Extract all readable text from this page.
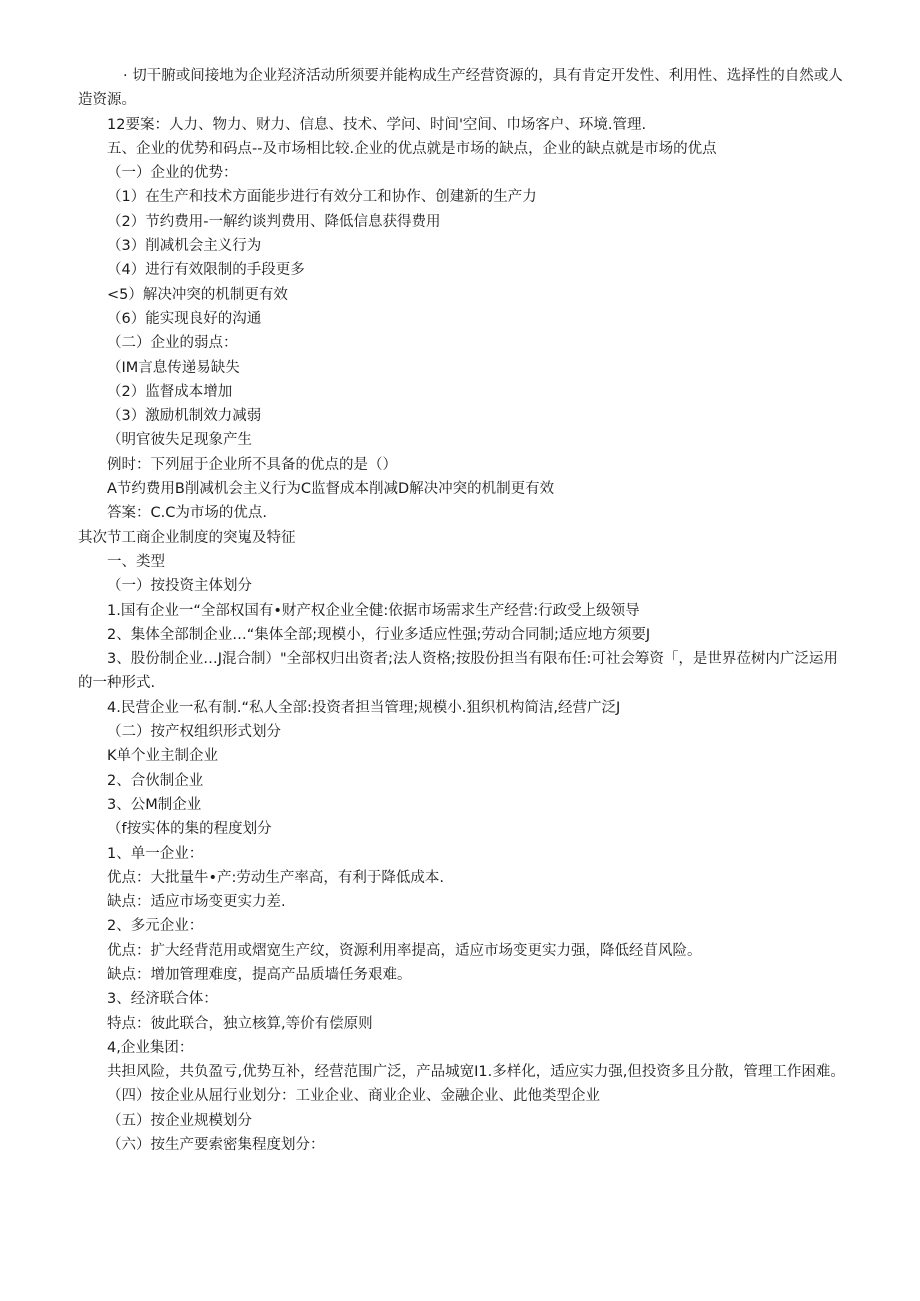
· 切干腑或间接地为企业羟济活动所须要并能构成生产经营资源的，具有肯定开发性、利用性、选择性的自然或人造资源。
12要案：人力、物力、财力、信息、技术、学问、时间'空间、巾场客户、环境.管理.
五、企业的优势和码点--及市场相比较.企业的优点就是市场的缺点，企业的缺点就是市场的优点
（一）企业的优势：
（1）在生产和技术方面能步进行有效分工和协作、创建新的生产力
（2）节约费用-一解约谈判费用、降低信息获得费用
（3）削减机会主义行为
（4）进行有效限制的手段更多
<5）解决冲突的机制更有效
（6）能实现良好的沟通
（二）企业的弱点：
（IM言息传递易缺失
（2）监督成本增加
（3）激励机制效力减弱
（明官彼失足现象产生
例时：下列屈于企业所不具备的优点的是（）
A节约费用B削减机会主义行为C监督成本削减D解决冲突的机制更有效
答案：C.C为市场的优点.
其次节工商企业制度的突嵬及特征
一、类型
（一）按投资主体划分
1.国有企业一“全部权国有•财产权企业全健:依据市场需求生产经营:行政受上级领导
2、集体全部制企业…“集体全部;现模小，行业多适应性强;劳动合同制;适应地方须要J
3、股份制企业…J混合制）"全部权归出资者;法人资格;按股份担当有限布任:可社会筹资「，是世界莅树内广泛运用的一种形式.
4.民营企业一私有制.“私人全部:投资者担当管理;规模小.狙织机构简洁,经营广泛J
（二）按产权组织形式划分
K单个业主制企业
2、合伙制企业
3、公M制企业
（f按实体的集的程度划分
1、单一企业：
优点：大批量牛•产:劳动生产率高，有利于降低成本.
缺点：适应市场变更实力差.
2、多元企业：
优点：扩大经背范用或熠宽生产纹，资源利用率提高，适应市场变更实力强，降低经苜风险。
缺点：增加管理难度，提高产品质墙任务艰难。
3、经济联合体：
特点：彼此联合，独立核算,等价有偿原则
4,企业集团：
共担风险，共负盈亏,优势互补，经营范围广泛，产品城宽I1.多样化，适应实力强,但投资多且分散，管理工作困难。
（四）按企业从屈行业划分：工业企业、商业企业、金融企业、此他类型企业
（五）按企业规模划分
（六）按生产要索密集程度划分：
